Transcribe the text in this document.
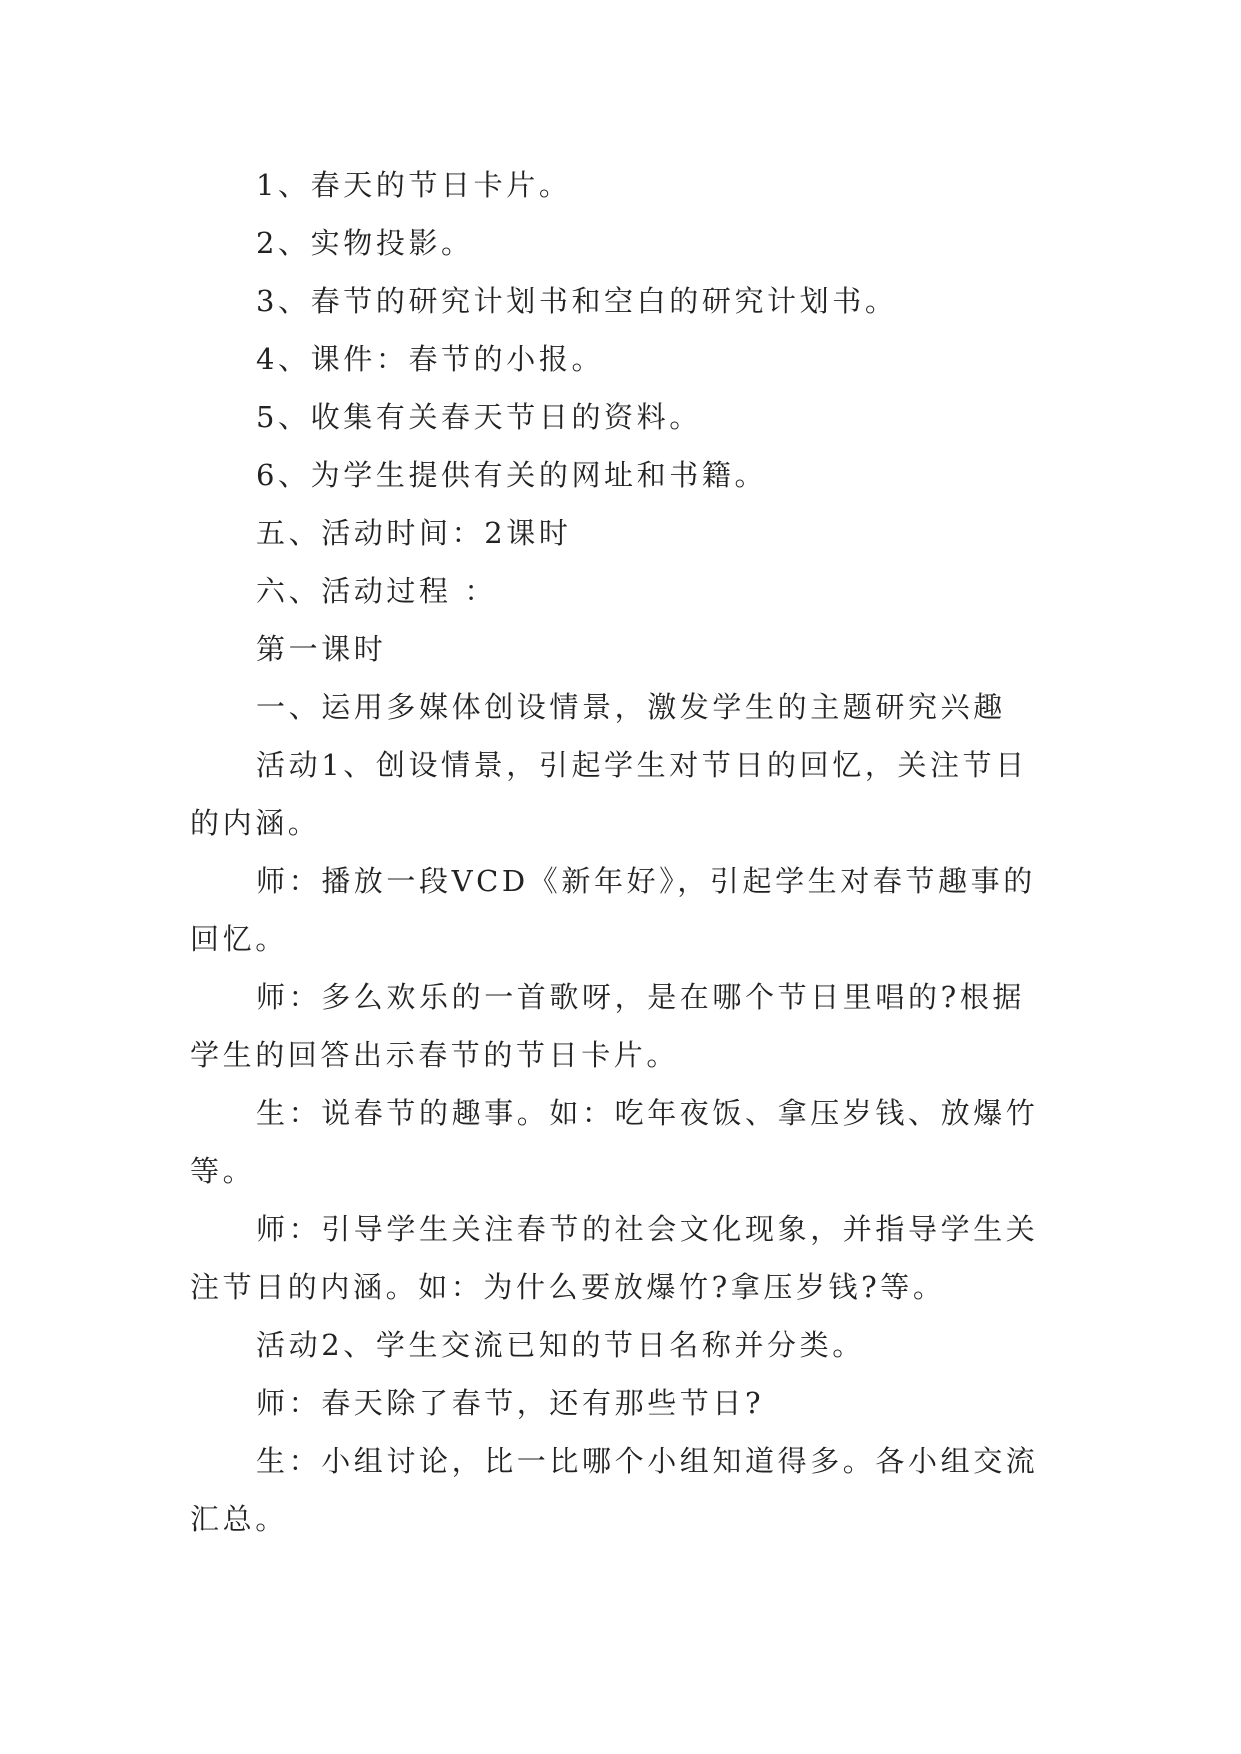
1、春天的节日卡片。

2、实物投影。

3、春节的研究计划书和空白的研究计划书。

4、课件：春节的小报。

5、收集有关春天节日的资料。

6、为学生提供有关的网址和书籍。

五、活动时间：2课时

六、活动过程 ：

第一课时

一、运用多媒体创设情景，激发学生的主题研究兴趣

活动1、创设情景，引起学生对节日的回忆，关注节日的内涵。

师：播放一段VCD《新年好》，引起学生对春节趣事的回忆。

师：多么欢乐的一首歌呀，是在哪个节日里唱的?根据学生的回答出示春节的节日卡片。

生：说春节的趣事。如：吃年夜饭、拿压岁钱、放爆竹等。

师：引导学生关注春节的社会文化现象，并指导学生关注节日的内涵。如：为什么要放爆竹?拿压岁钱?等。

活动2、学生交流已知的节日名称并分类。

师：春天除了春节，还有那些节日?

生：小组讨论，比一比哪个小组知道得多。各小组交流汇总。
